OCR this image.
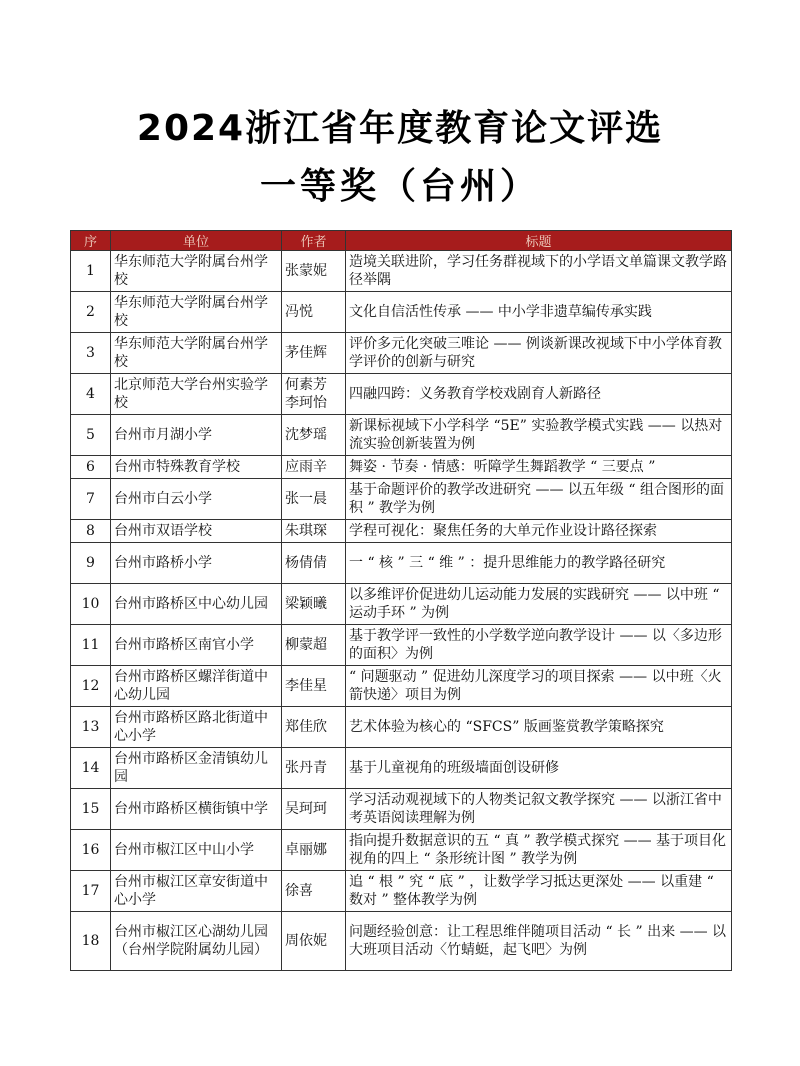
2024浙江省年度教育论文评选
一等奖（台州）
序	单位	作者	标题
1	华东师范大学附属台州学校	张蒙妮	造境关联进阶，学习任务群视域下的小学语文单篇课文教学路径举隅
2	华东师范大学附属台州学校	冯悦	文化自信活性传承 —— 中小学非遗草编传承实践
3	华东师范大学附属台州学校	茅佳辉	评价多元化突破三唯论 —— 例谈新课改视域下中小学体育教学评价的创新与研究
4	北京师范大学台州实验学校	何素芳 李珂怡	四融四跨：义务教育学校戏剧育人新路径
5	台州市月湖小学	沈梦瑶	新课标视域下小学科学 “5E” 实验教学模式实践 —— 以热对流实验创新装置为例
6	台州市特殊教育学校	应雨辛	舞姿 · 节奏 · 情感：听障学生舞蹈教学 “ 三要点 ”
7	台州市白云小学	张一晨	基于命题评价的教学改进研究 —— 以五年级 “ 组合图形的面积 ” 教学为例
8	台州市双语学校	朱琪琛	学程可视化：聚焦任务的大单元作业设计路径探索
9	台州市路桥小学	杨倩倩	一 “ 核 ” 三 “ 维 ” ：提升思维能力的教学路径研究
10	台州市路桥区中心幼儿园	梁颖曦	以多维评价促进幼儿运动能力发展的实践研究 —— 以中班 “ 运动手环 ” 为例
11	台州市路桥区南官小学	柳蒙超	基于教学评一致性的小学数学逆向教学设计 —— 以〈多边形的面积〉为例
12	台州市路桥区螺洋街道中心幼儿园	李佳星	“ 问题驱动 ” 促进幼儿深度学习的项目探索 —— 以中班〈火箭快递〉项目为例
13	台州市路桥区路北街道中心小学	郑佳欣	艺术体验为核心的 “SFCS” 版画鉴赏教学策略探究
14	台州市路桥区金清镇幼儿园	张丹青	基于儿童视角的班级墙面创设研修
15	台州市路桥区横街镇中学	吴珂珂	学习活动观视域下的人物类记叙文教学探究 —— 以浙江省中考英语阅读理解为例
16	台州市椒江区中山小学	卓丽娜	指向提升数据意识的五 “ 真 ” 教学模式探究 —— 基于项目化视角的四上 “ 条形统计图 ” 教学为例
17	台州市椒江区章安街道中心小学	徐喜	追 “ 根 ” 究 “ 底 ” ，让数学学习抵达更深处 —— 以重建 “ 数对 ” 整体教学为例
18	台州市椒江区心湖幼儿园（台州学院附属幼儿园）	周依妮	问题经验创意：让工程思维伴随项目活动 “ 长 ” 出来 —— 以大班项目活动〈竹蜻蜓，起飞吧〉为例
